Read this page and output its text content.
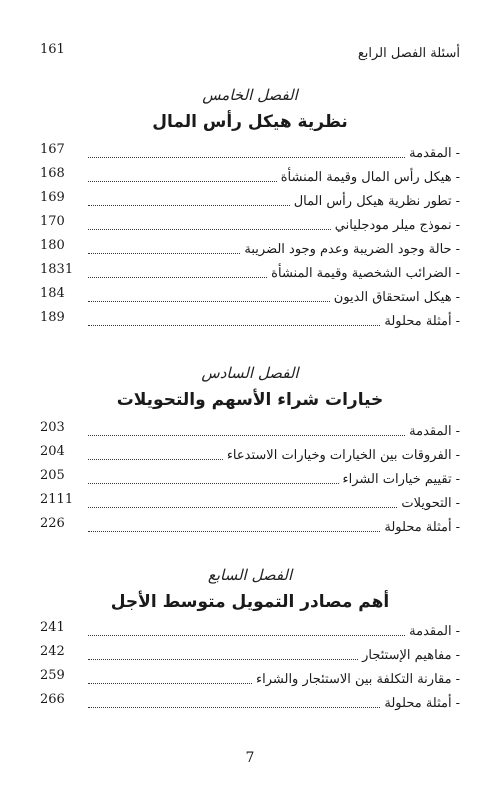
أسئلة الفصل الرابع
161
الفصل الخامس
نظرية هيكل رأس المال
-
المقدمة
167
-
هيكل رأس المال وقيمة المنشأة
168
-
تطور نظرية هيكل رأس المال
169
-
نموذج ميلر مودجلياني
170
-
حالة وجود الضريبة وعدم وجود الضريبة
180
-
الضرائب الشخصية وقيمة المنشأة
1831
-
هيكل استحقاق الديون
184
-
أمثلة محلولة
189
الفصل السادس
خيارات شراء الأسهم والتحويلات
-
المقدمة
203
-
الفروقات بين الخيارات وخيارات الاستدعاء
204
-
تقييم خيارات الشراء
205
-
التحويلات
2111
-
أمثلة محلولة
226
الفصل السابع
أهم مصادر التمويل متوسط الأجل
-
المقدمة
241
-
مفاهيم الإستئجار
242
-
مقارنة التكلفة بين الاستئجار والشراء
259
-
أمثلة محلولة
266
7
